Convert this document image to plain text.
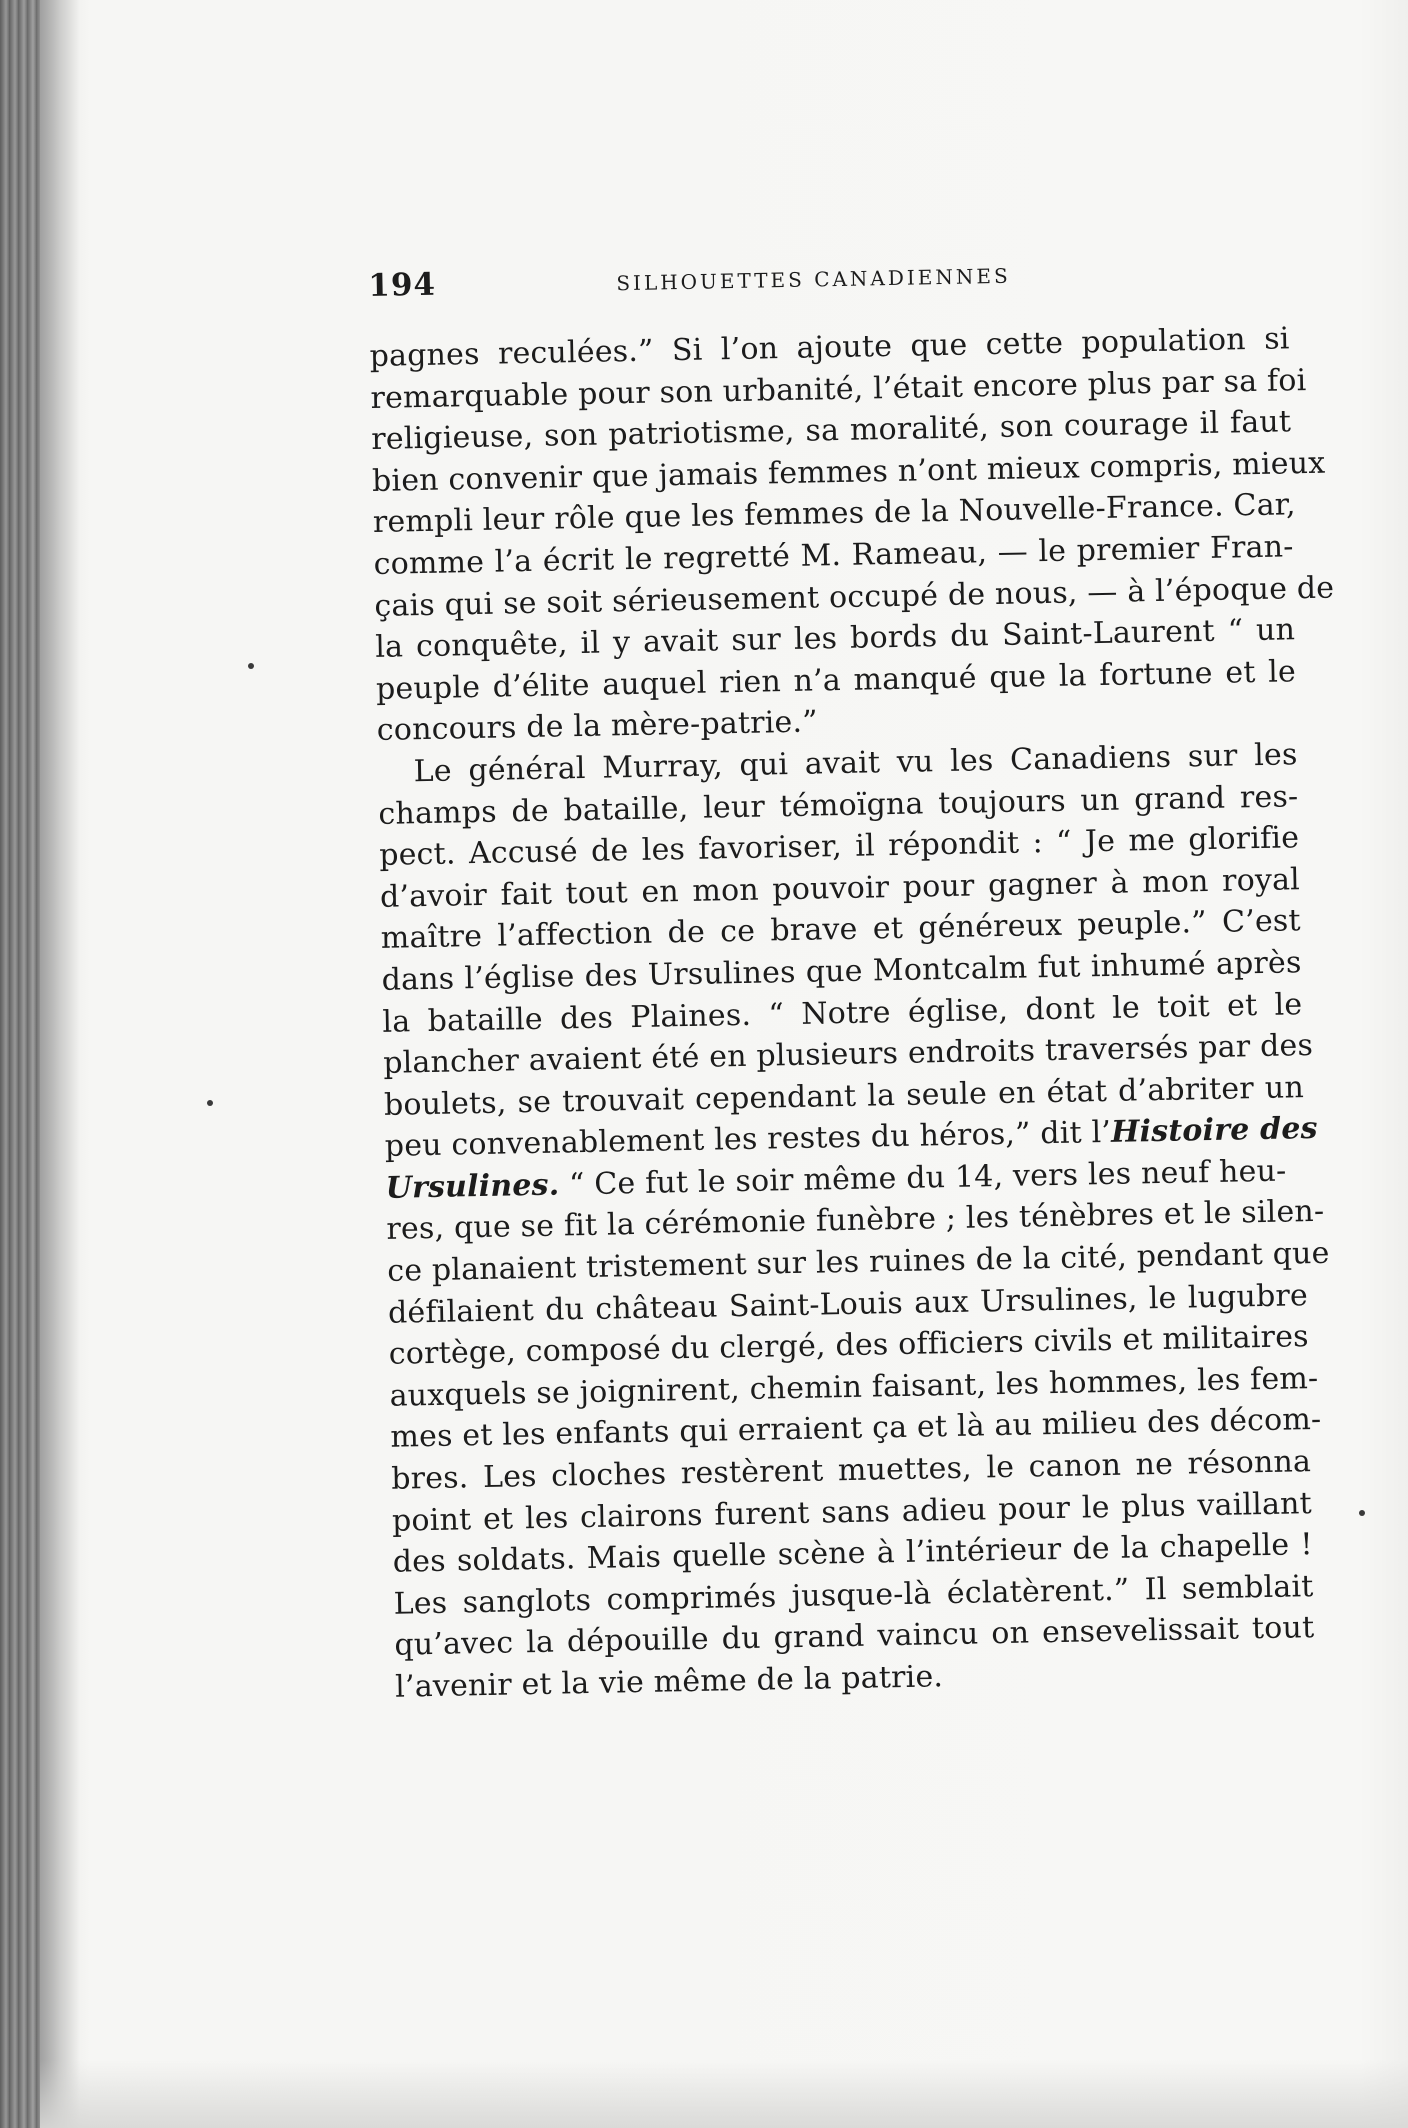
194	SILHOUETTES CANADIENNES
pagnes reculées.” Si l’on ajoute que cette population si
remarquable pour son urbanité, l’était encore plus par sa foi
religieuse, son patriotisme, sa moralité, son courage il faut
bien convenir que jamais femmes n’ont mieux compris, mieux
rempli leur rôle que les femmes de la Nouvelle-France. Car,
comme l’a écrit le regretté M. Rameau, — le premier Fran-
çais qui se soit sérieusement occupé de nous, — à l’époque de
la conquête, il y avait sur les bords du Saint-Laurent “ un
peuple d’élite auquel rien n’a manqué que la fortune et le
concours de la mère-patrie.”
Le général Murray, qui avait vu les Canadiens sur les
champs de bataille, leur témoïgna toujours un grand res-
pect. Accusé de les favoriser, il répondit : “ Je me glorifie
d’avoir fait tout en mon pouvoir pour gagner à mon royal
maître l’affection de ce brave et généreux peuple.” C’est
dans l’église des Ursulines que Montcalm fut inhumé après
la bataille des Plaines. “ Notre église, dont le toit et le
plancher avaient été en plusieurs endroits traversés par des
boulets, se trouvait cependant la seule en état d’abriter un
peu convenablement les restes du héros,” dit l’Histoire des
Ursulines. “ Ce fut le soir même du 14, vers les neuf heu-
res, que se fit la cérémonie funèbre ; les ténèbres et le silen-
ce planaient tristement sur les ruines de la cité, pendant que
défilaient du château Saint-Louis aux Ursulines, le lugubre
cortège, composé du clergé, des officiers civils et militaires
auxquels se joignirent, chemin faisant, les hommes, les fem-
mes et les enfants qui erraient ça et là au milieu des décom-
bres. Les cloches restèrent muettes, le canon ne résonna
point et les clairons furent sans adieu pour le plus vaillant
des soldats. Mais quelle scène à l’intérieur de la chapelle !
Les sanglots comprimés jusque-là éclatèrent.” Il semblait
qu’avec la dépouille du grand vaincu on ensevelissait tout
l’avenir et la vie même de la patrie.
